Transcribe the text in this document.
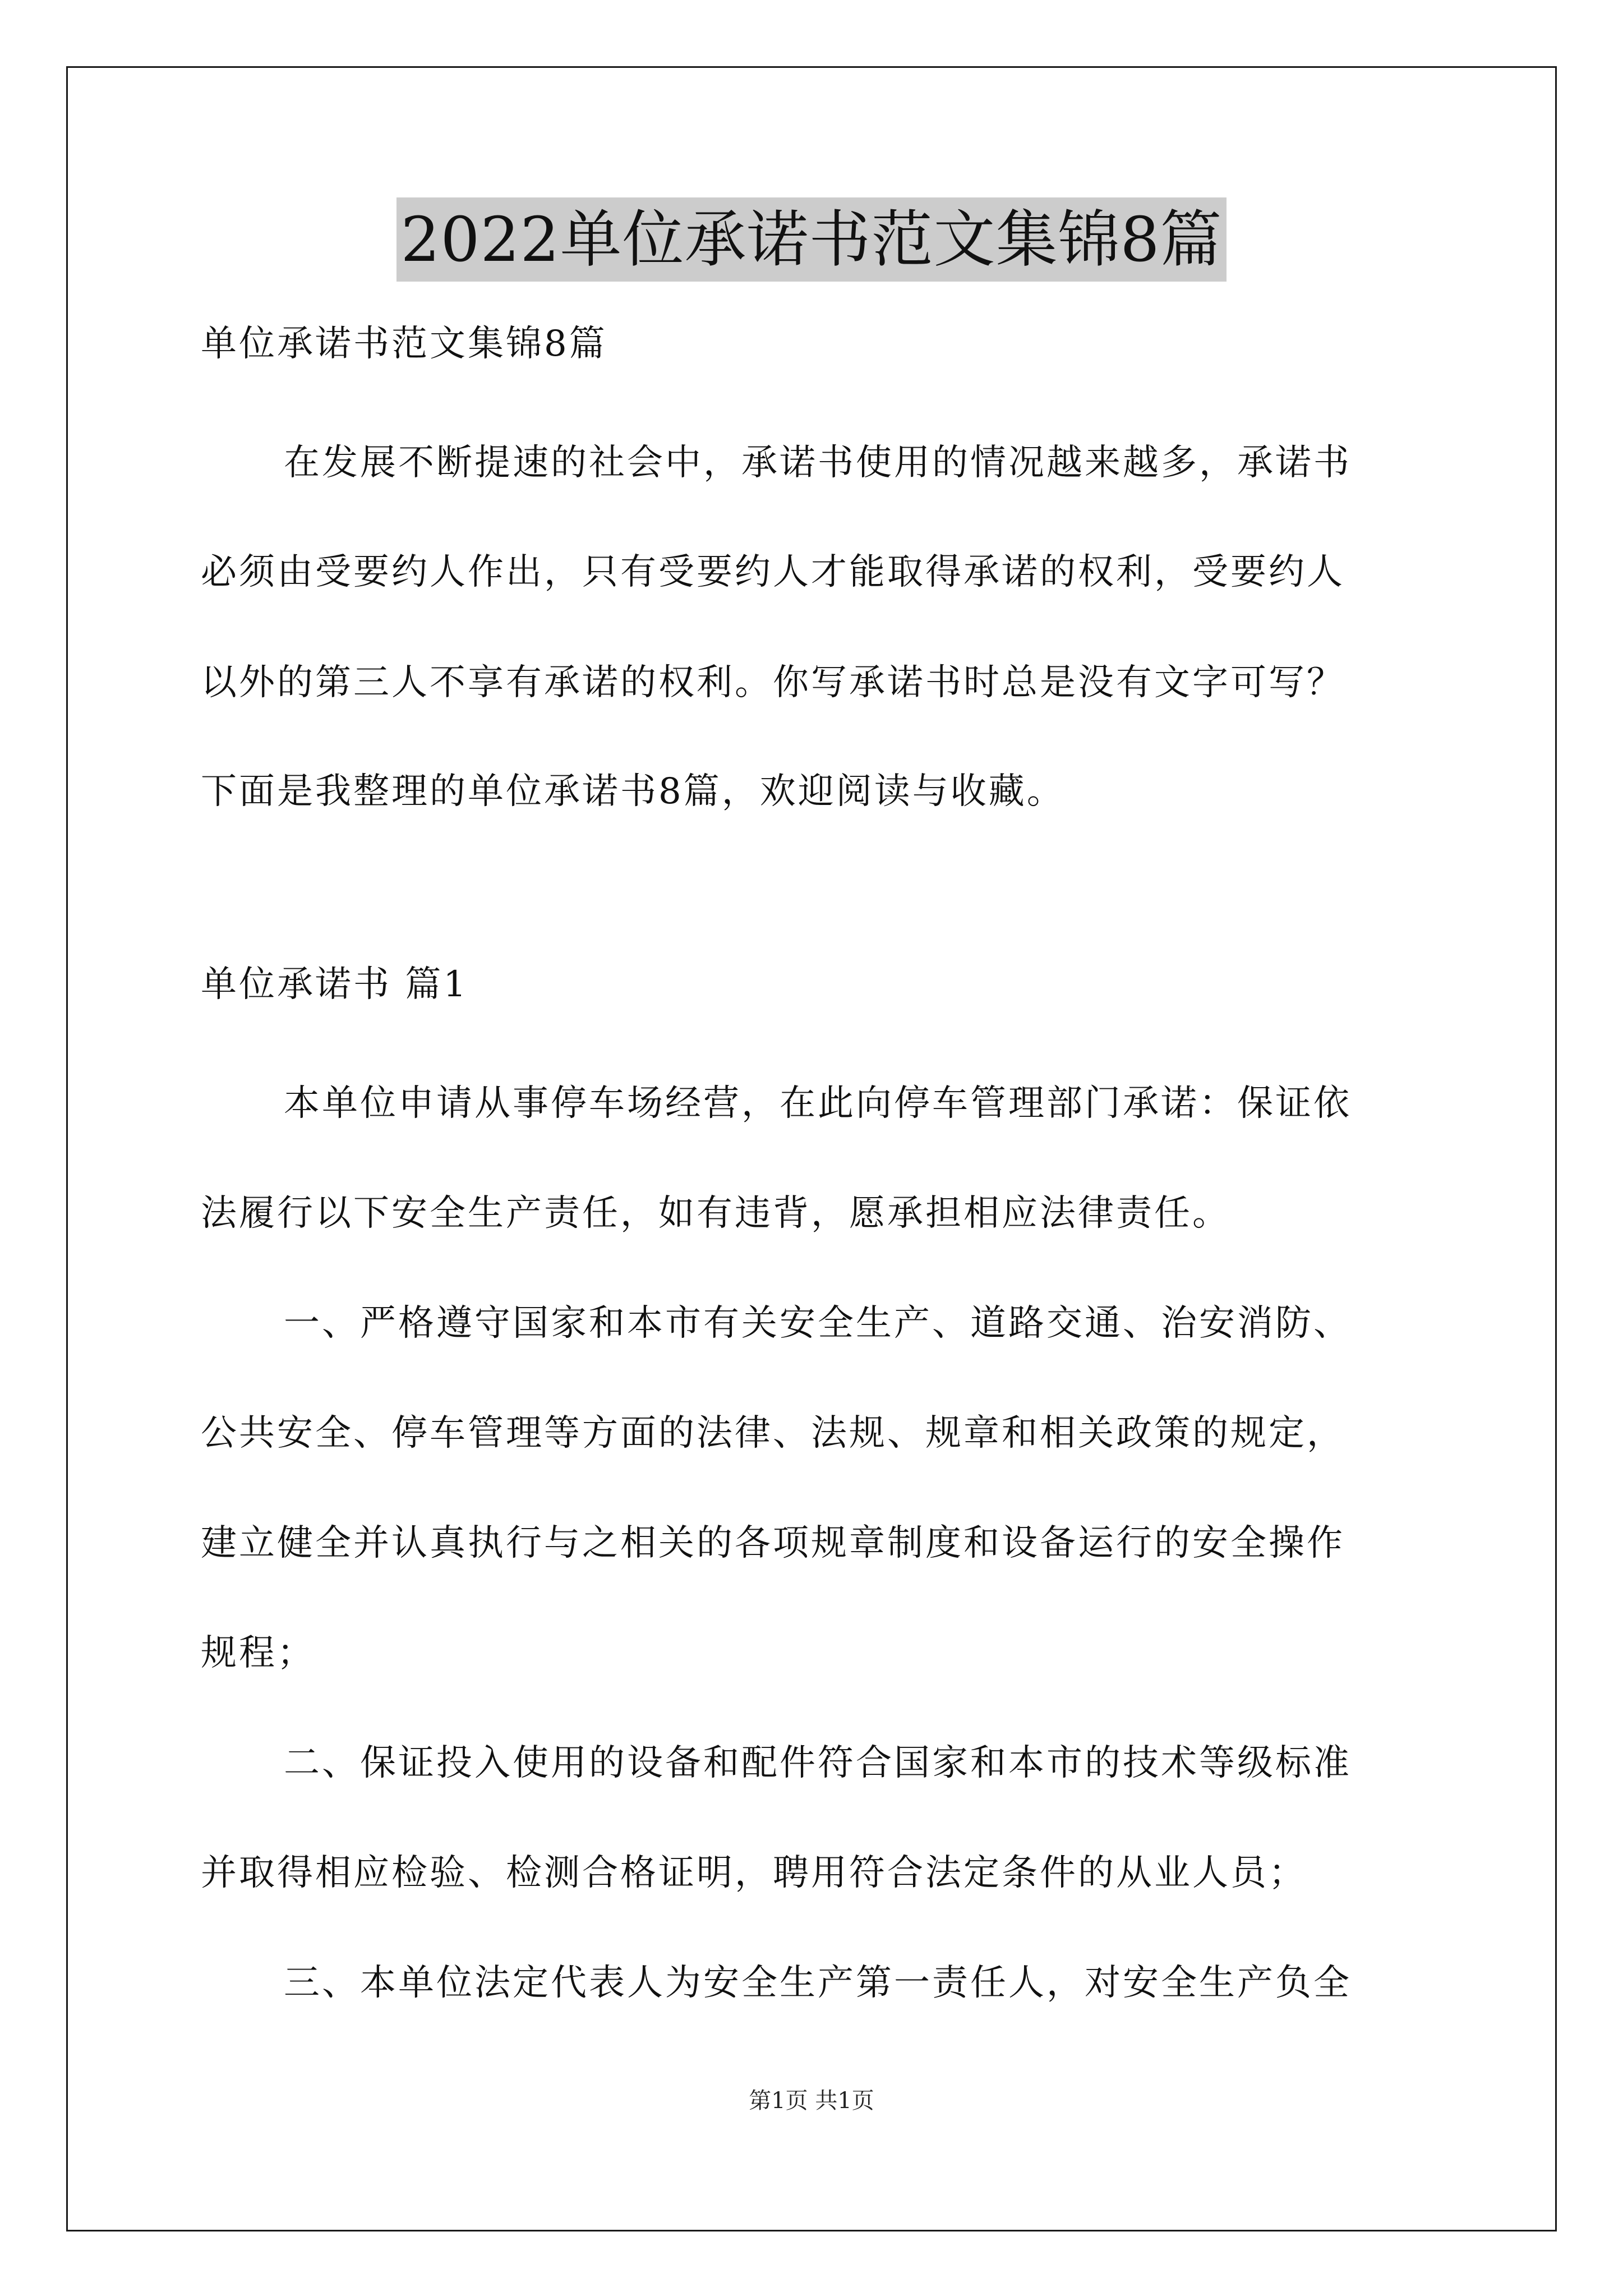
2022单位承诺书范文集锦8篇
单位承诺书范文集锦8篇
在发展不断提速的社会中，承诺书使用的情况越来越多，承诺书
必须由受要约人作出，只有受要约人才能取得承诺的权利，受要约人
以外的第三人不享有承诺的权利。你写承诺书时总是没有文字可写？
下面是我整理的单位承诺书8篇，欢迎阅读与收藏。
单位承诺书 篇1
本单位申请从事停车场经营，在此向停车管理部门承诺：保证依
法履行以下安全生产责任，如有违背，愿承担相应法律责任。
一、严格遵守国家和本市有关安全生产、道路交通、治安消防、
公共安全、停车管理等方面的法律、法规、规章和相关政策的规定，
建立健全并认真执行与之相关的各项规章制度和设备运行的安全操作
规程；
二、保证投入使用的设备和配件符合国家和本市的技术等级标准
并取得相应检验、检测合格证明，聘用符合法定条件的从业人员；
三、本单位法定代表人为安全生产第一责任人，对安全生产负全
第1页 共1页
